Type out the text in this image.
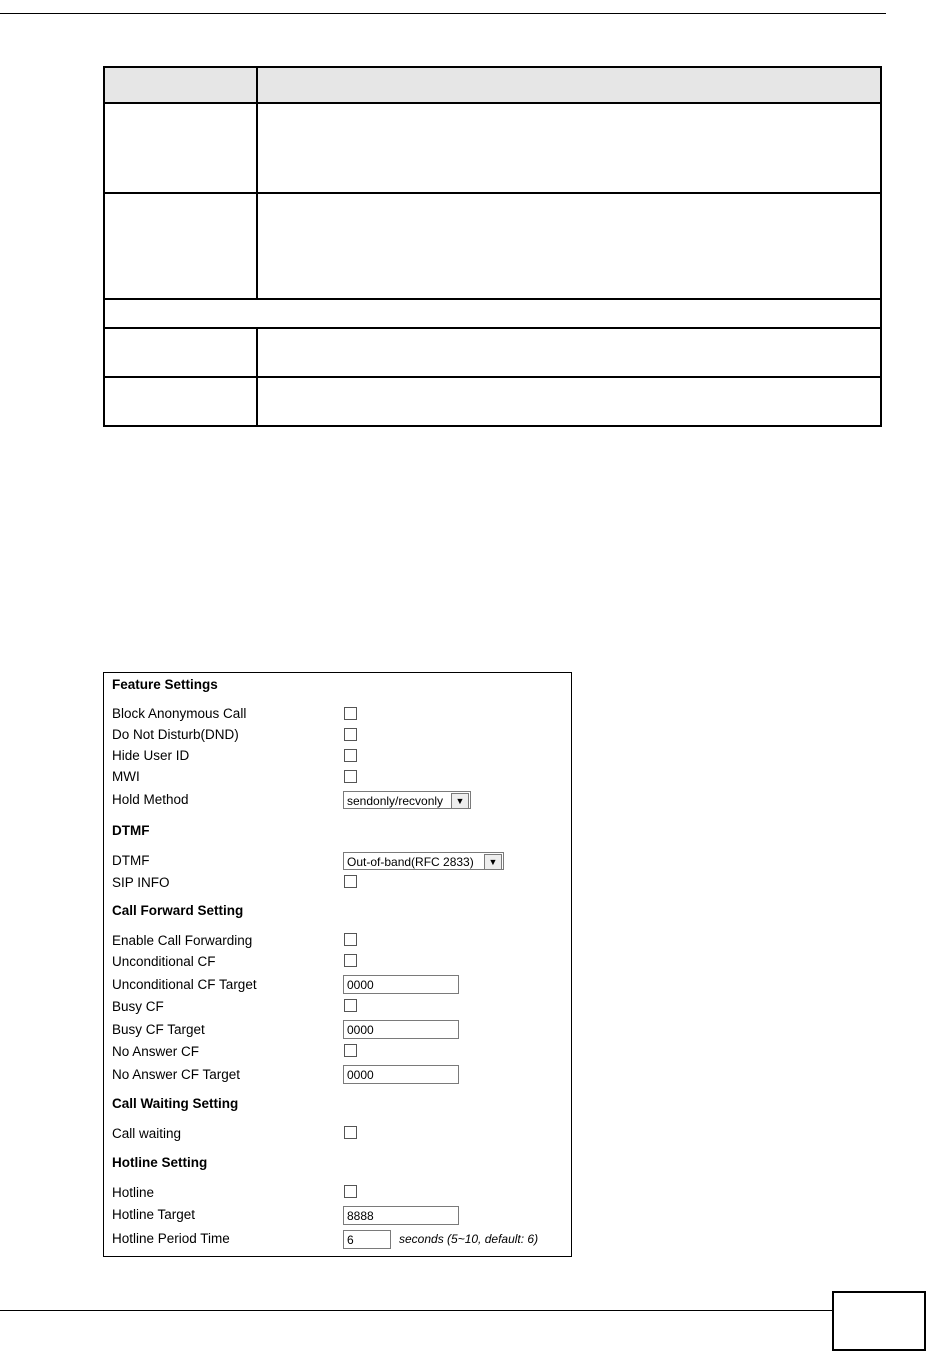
Feature Settings
Block Anonymous Call
Do Not Disturb(DND)
Hide User ID
MWI
Hold Method	sendonly/recvonly	▼
DTMF
DTMF	Out-of-band(RFC 2833)	▼
SIP INFO
Call Forward Setting
Enable Call Forwarding
Unconditional CF
Unconditional CF Target	0000
Busy CF
Busy CF Target	0000
No Answer CF
No Answer CF Target	0000
Call Waiting Setting
Call waiting
Hotline Setting
Hotline
Hotline Target	8888
Hotline Period Time	6	seconds (5~10, default: 6)
